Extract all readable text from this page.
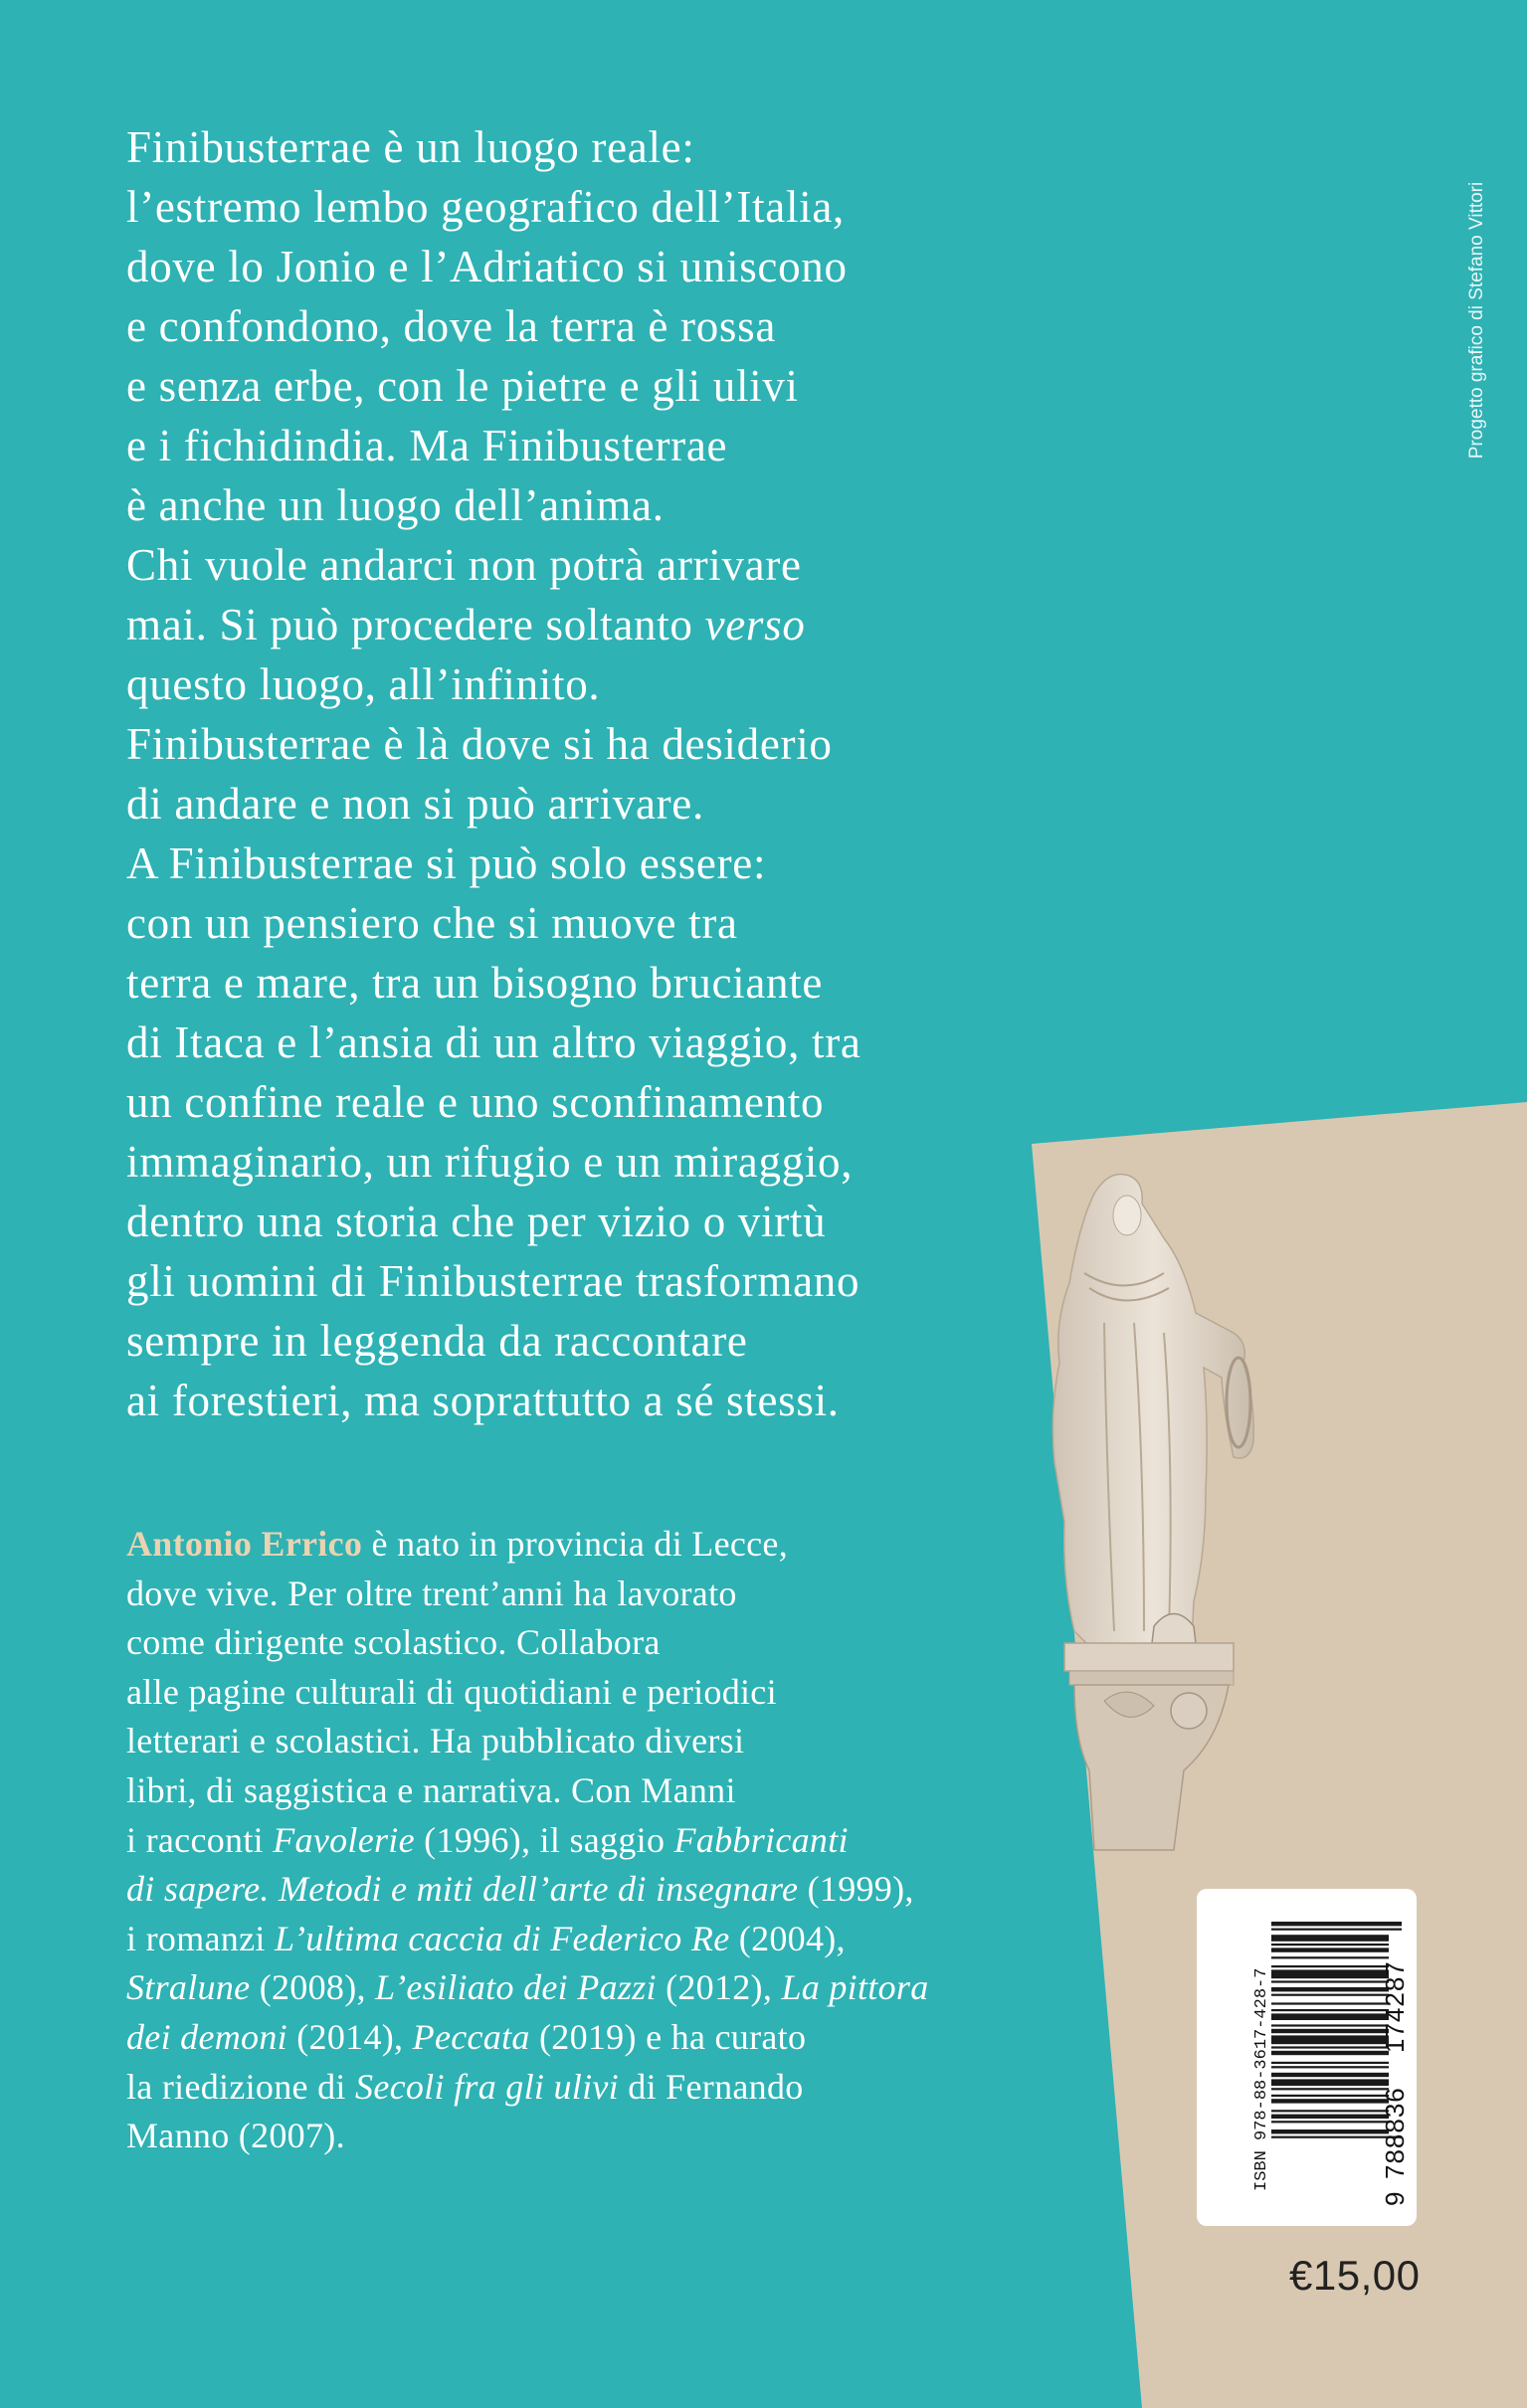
Progetto grafico di Stefano Vittori
Finibusterrae è un luogo reale:
l’estremo lembo geografico dell’Italia,
dove lo Jonio e l’Adriatico si uniscono
e confondono, dove la terra è rossa
e senza erbe, con le pietre e gli ulivi
e i fichidindia. Ma Finibusterrae
è anche un luogo dell’anima.
Chi vuole andarci non potrà arrivare
mai. Si può procedere soltanto verso
questo luogo, all’infinito.
Finibusterrae è là dove si ha desiderio
di andare e non si può arrivare.
A Finibusterrae si può solo essere:
con un pensiero che si muove tra
terra e mare, tra un bisogno bruciante
di Itaca e l’ansia di un altro viaggio, tra
un confine reale e uno sconfinamento
immaginario, un rifugio e un miraggio,
dentro una storia che per vizio o virtù
gli uomini di Finibusterrae trasformano
sempre in leggenda da raccontare
ai forestieri, ma soprattutto a sé stessi.
Antonio Errico è nato in provincia di Lecce,
dove vive. Per oltre trent’anni ha lavorato
come dirigente scolastico. Collabora
alle pagine culturali di quotidiani e periodici
letterari e scolastici. Ha pubblicato diversi
libri, di saggistica e narrativa. Con Manni
i racconti Favolerie (1996), il saggio Fabbricanti
di sapere. Metodi e miti dell’arte di insegnare (1999),
i romanzi L’ultima caccia di Federico Re (2004),
Stralune (2008), L’esiliato dei Pazzi (2012), La pittora
dei demoni (2014), Peccata (2019) e ha curato
la riedizione di Secoli fra gli ulivi di Fernando
Manno (2007).	ISBN 978-88-3617-428-7
9
788836
174287
€15,00
